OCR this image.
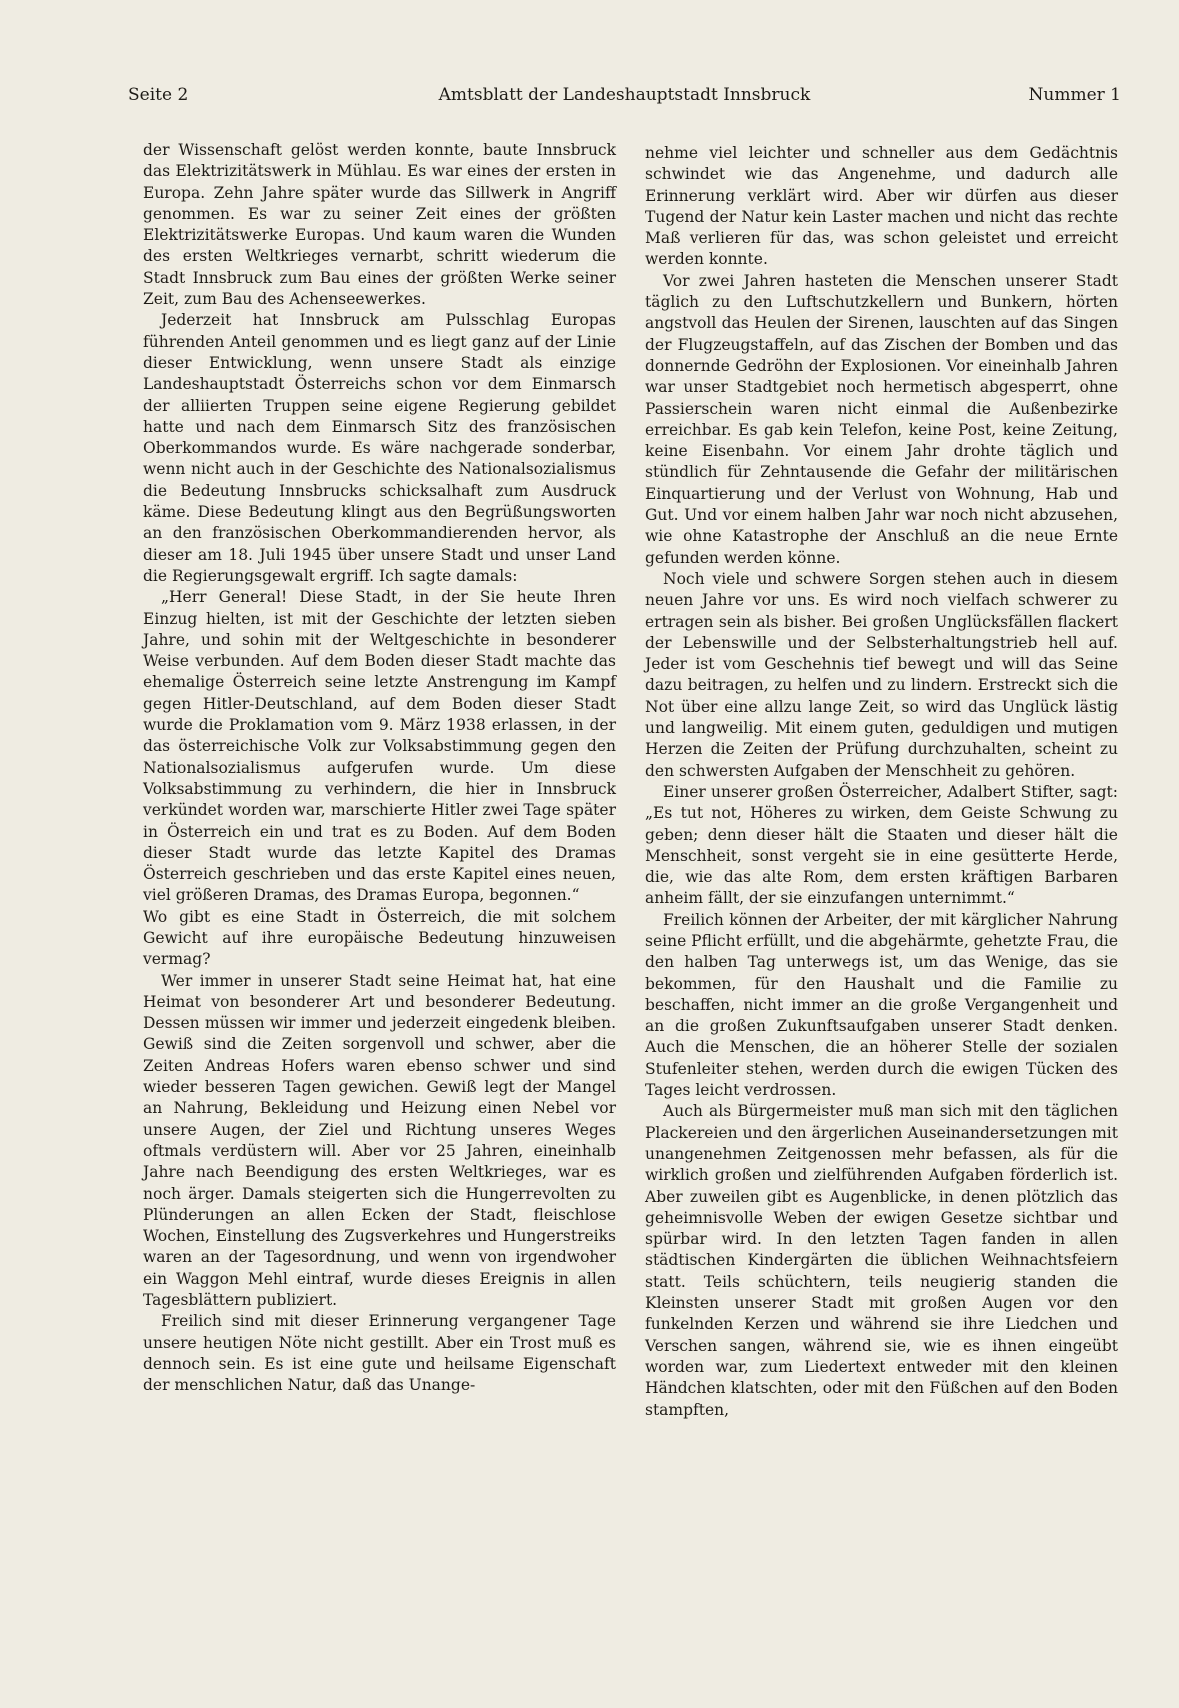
Seite 2	Amtsblatt der Landeshauptstadt Innsbruck	Nummer 1

der Wissenschaft gelöst werden konnte, baute Innsbruck das Elektrizitätswerk in Mühlau. Es war eines der ersten in Europa. Zehn Jahre später wurde das Sillwerk in Angriff genommen. Es war zu seiner Zeit eines der größten Elektrizitätswerke Europas. Und kaum waren die Wunden des ersten Weltkrieges vernarbt, schritt wiederum die Stadt Innsbruck zum Bau eines der größten Werke seiner Zeit, zum Bau des Achenseewerkes.

Jederzeit hat Innsbruck am Pulsschlag Europas führenden Anteil genommen und es liegt ganz auf der Linie dieser Entwicklung, wenn unsere Stadt als einzige Landeshauptstadt Österreichs schon vor dem Einmarsch der alliierten Truppen seine eigene Regierung gebildet hatte und nach dem Einmarsch Sitz des französischen Oberkommandos wurde. Es wäre nachgerade sonderbar, wenn nicht auch in der Geschichte des Nationalsozialismus die Bedeutung Innsbrucks schicksalhaft zum Ausdruck käme. Diese Bedeutung klingt aus den Begrüßungsworten an den französischen Oberkommandierenden hervor, als dieser am 18. Juli 1945 über unsere Stadt und unser Land die Regierungsgewalt ergriff. Ich sagte damals:

„Herr General! Diese Stadt, in der Sie heute Ihren Einzug hielten, ist mit der Geschichte der letzten sieben Jahre, und sohin mit der Weltgeschichte in besonderer Weise verbunden. Auf dem Boden dieser Stadt machte das ehemalige Österreich seine letzte Anstrengung im Kampf gegen Hitler-Deutschland, auf dem Boden dieser Stadt wurde die Proklamation vom 9. März 1938 erlassen, in der das österreichische Volk zur Volksabstimmung gegen den Nationalsozialismus aufgerufen wurde. Um diese Volksabstimmung zu verhindern, die hier in Innsbruck verkündet worden war, marschierte Hitler zwei Tage später in Österreich ein und trat es zu Boden. Auf dem Boden dieser Stadt wurde das letzte Kapitel des Dramas Österreich geschrieben und das erste Kapitel eines neuen, viel größeren Dramas, des Dramas Europa, begonnen.“

Wo gibt es eine Stadt in Österreich, die mit solchem Gewicht auf ihre europäische Bedeutung hinzuweisen vermag?

Wer immer in unserer Stadt seine Heimat hat, hat eine Heimat von besonderer Art und besonderer Bedeutung. Dessen müssen wir immer und jederzeit eingedenk bleiben. Gewiß sind die Zeiten sorgenvoll und schwer, aber die Zeiten Andreas Hofers waren ebenso schwer und sind wieder besseren Tagen gewichen. Gewiß legt der Mangel an Nahrung, Bekleidung und Heizung einen Nebel vor unsere Augen, der Ziel und Richtung unseres Weges oftmals verdüstern will. Aber vor 25 Jahren, eineinhalb Jahre nach Beendigung des ersten Weltkrieges, war es noch ärger. Damals steigerten sich die Hungerrevolten zu Plünderungen an allen Ecken der Stadt, fleischlose Wochen, Einstellung des Zugsverkehres und Hungerstreiks waren an der Tagesordnung, und wenn von irgendwoher ein Waggon Mehl eintraf, wurde dieses Ereignis in allen Tagesblättern publiziert.

Freilich sind mit dieser Erinnerung vergangener Tage unsere heutigen Nöte nicht gestillt. Aber ein Trost muß es dennoch sein. Es ist eine gute und heilsame Eigenschaft der menschlichen Natur, daß das Unange-

nehme viel leichter und schneller aus dem Gedächtnis schwindet wie das Angenehme, und dadurch alle Erinnerung verklärt wird. Aber wir dürfen aus dieser Tugend der Natur kein Laster machen und nicht das rechte Maß verlieren für das, was schon geleistet und erreicht werden konnte.

Vor zwei Jahren hasteten die Menschen unserer Stadt täglich zu den Luftschutzkellern und Bunkern, hörten angstvoll das Heulen der Sirenen, lauschten auf das Singen der Flugzeugstaffeln, auf das Zischen der Bomben und das donnernde Gedröhn der Explosionen. Vor eineinhalb Jahren war unser Stadtgebiet noch hermetisch abgesperrt, ohne Passierschein waren nicht einmal die Außenbezirke erreichbar. Es gab kein Telefon, keine Post, keine Zeitung, keine Eisenbahn. Vor einem Jahr drohte täglich und stündlich für Zehntausende die Gefahr der militärischen Einquartierung und der Verlust von Wohnung, Hab und Gut. Und vor einem halben Jahr war noch nicht abzusehen, wie ohne Katastrophe der Anschluß an die neue Ernte gefunden werden könne.

Noch viele und schwere Sorgen stehen auch in diesem neuen Jahre vor uns. Es wird noch vielfach schwerer zu ertragen sein als bisher. Bei großen Unglücksfällen flackert der Lebenswille und der Selbsterhaltungstrieb hell auf. Jeder ist vom Geschehnis tief bewegt und will das Seine dazu beitragen, zu helfen und zu lindern. Erstreckt sich die Not über eine allzu lange Zeit, so wird das Unglück lästig und langweilig. Mit einem guten, geduldigen und mutigen Herzen die Zeiten der Prüfung durchzuhalten, scheint zu den schwersten Aufgaben der Menschheit zu gehören.

Einer unserer großen Österreicher, Adalbert Stifter, sagt: „Es tut not, Höheres zu wirken, dem Geiste Schwung zu geben; denn dieser hält die Staaten und dieser hält die Menschheit, sonst vergeht sie in eine gesütterte Herde, die, wie das alte Rom, dem ersten kräftigen Barbaren anheim fällt, der sie einzufangen unternimmt.“

Freilich können der Arbeiter, der mit kärglicher Nahrung seine Pflicht erfüllt, und die abgehärmte, gehetzte Frau, die den halben Tag unterwegs ist, um das Wenige, das sie bekommen, für den Haushalt und die Familie zu beschaffen, nicht immer an die große Vergangenheit und an die großen Zukunftsaufgaben unserer Stadt denken. Auch die Menschen, die an höherer Stelle der sozialen Stufenleiter stehen, werden durch die ewigen Tücken des Tages leicht verdrossen.

Auch als Bürgermeister muß man sich mit den täglichen Plackereien und den ärgerlichen Auseinandersetzungen mit unangenehmen Zeitgenossen mehr befassen, als für die wirklich großen und zielführenden Aufgaben förderlich ist. Aber zuweilen gibt es Augenblicke, in denen plötzlich das geheimnisvolle Weben der ewigen Gesetze sichtbar und spürbar wird. In den letzten Tagen fanden in allen städtischen Kindergärten die üblichen Weihnachtsfeiern statt. Teils schüchtern, teils neugierig standen die Kleinsten unserer Stadt mit großen Augen vor den funkelnden Kerzen und während sie ihre Liedchen und Verschen sangen, während sie, wie es ihnen eingeübt worden war, zum Liedertext entweder mit den kleinen Händchen klatschten, oder mit den Füßchen auf den Boden stampften,
